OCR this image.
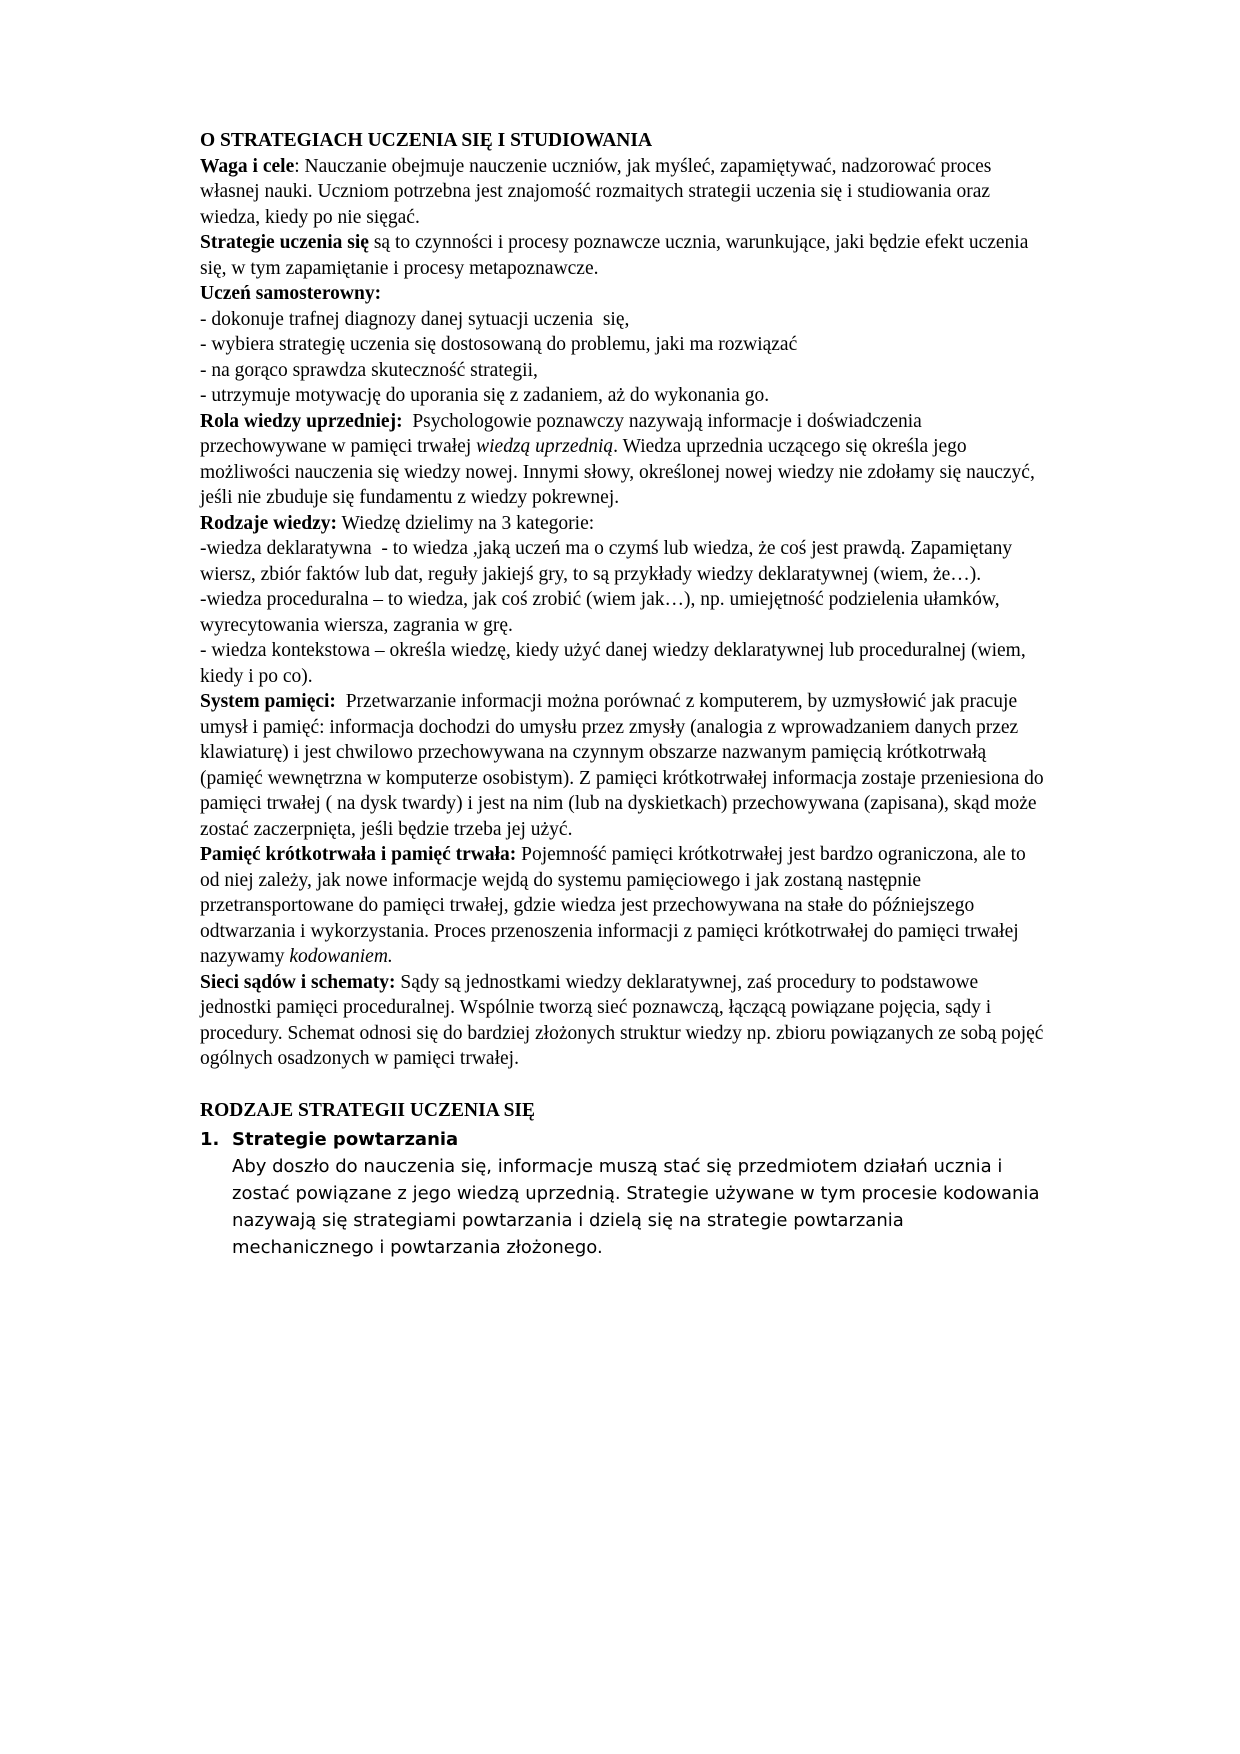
O STRATEGIACH UCZENIA SIĘ I STUDIOWANIA

Waga i cele: Nauczanie obejmuje nauczenie uczniów, jak myśleć, zapamiętywać, nadzorować proces własnej nauki. Uczniom potrzebna jest znajomość rozmaitych strategii uczenia się i studiowania oraz wiedza, kiedy po nie sięgać.

Strategie uczenia się są to czynności i procesy poznawcze ucznia, warunkujące, jaki będzie efekt uczenia się, w tym zapamiętanie i procesy metapoznawcze.

Uczeń samosterowny:

- dokonuje trafnej diagnozy danej sytuacji uczenia  się,

- wybiera strategię uczenia się dostosowaną do problemu, jaki ma rozwiązać

- na gorąco sprawdza skuteczność strategii,

- utrzymuje motywację do uporania się z zadaniem, aż do wykonania go.

Rola wiedzy uprzedniej:  Psychologowie poznawczy nazywają informacje i doświadczenia przechowywane w pamięci trwałej wiedzą uprzednią. Wiedza uprzednia uczącego się określa jego możliwości nauczenia się wiedzy nowej. Innymi słowy, określonej nowej wiedzy nie zdołamy się nauczyć, jeśli nie zbuduje się fundamentu z wiedzy pokrewnej.

Rodzaje wiedzy: Wiedzę dzielimy na 3 kategorie:

-wiedza deklaratywna  - to wiedza ,jaką uczeń ma o czymś lub wiedza, że coś jest prawdą. Zapamiętany wiersz, zbiór faktów lub dat, reguły jakiejś gry, to są przykłady wiedzy deklaratywnej (wiem, że…).

-wiedza proceduralna – to wiedza, jak coś zrobić (wiem jak…), np. umiejętność podzielenia ułamków, wyrecytowania wiersza, zagrania w grę.

- wiedza kontekstowa – określa wiedzę, kiedy użyć danej wiedzy deklaratywnej lub proceduralnej (wiem, kiedy i po co).

System pamięci:  Przetwarzanie informacji można porównać z komputerem, by uzmysłowić jak pracuje umysł i pamięć: informacja dochodzi do umysłu przez zmysły (analogia z wprowadzaniem danych przez klawiaturę) i jest chwilowo przechowywana na czynnym obszarze nazwanym pamięcią krótkotrwałą (pamięć wewnętrzna w komputerze osobistym). Z pamięci krótkotrwałej informacja zostaje przeniesiona do pamięci trwałej ( na dysk twardy) i jest na nim (lub na dyskietkach) przechowywana (zapisana), skąd może zostać zaczerpnięta, jeśli będzie trzeba jej użyć.

Pamięć krótkotrwała i pamięć trwała: Pojemność pamięci krótkotrwałej jest bardzo ograniczona, ale to od niej zależy, jak nowe informacje wejdą do systemu pamięciowego i jak zostaną następnie przetransportowane do pamięci trwałej, gdzie wiedza jest przechowywana na stałe do późniejszego odtwarzania i wykorzystania. Proces przenoszenia informacji z pamięci krótkotrwałej do pamięci trwałej nazywamy kodowaniem.

Sieci sądów i schematy: Sądy są jednostkami wiedzy deklaratywnej, zaś procedury to podstawowe jednostki pamięci proceduralnej. Wspólnie tworzą sieć poznawczą, łączącą powiązane pojęcia, sądy i procedury. Schemat odnosi się do bardziej złożonych struktur wiedzy np. zbioru powiązanych ze sobą pojęć ogólnych osadzonych w pamięci trwałej.

RODZAJE STRATEGII UCZENIA SIĘ

1. Strategie powtarzania

Aby doszło do nauczenia się, informacje muszą stać się przedmiotem działań ucznia i zostać powiązane z jego wiedzą uprzednią. Strategie używane w tym procesie kodowania nazywają się strategiami powtarzania i dzielą się na strategie powtarzania mechanicznego i powtarzania złożonego.
